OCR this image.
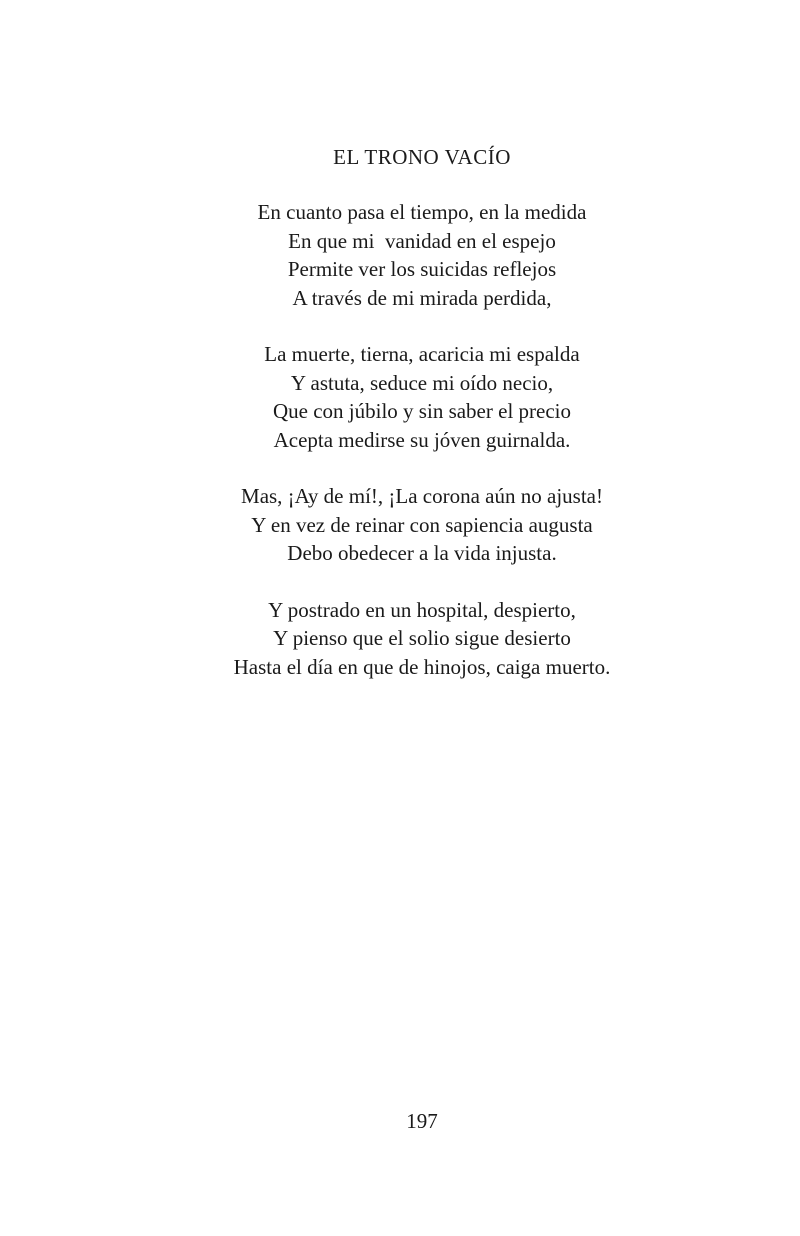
EL TRONO VACÍO
En cuanto pasa el tiempo, en la medida
En que mi  vanidad en el espejo
Permite ver los suicidas reflejos
A través de mi mirada perdida,
La muerte, tierna, acaricia mi espalda
Y astuta, seduce mi oído necio,
Que con júbilo y sin saber el precio
Acepta medirse su jóven guirnalda.
Mas, ¡Ay de mí!, ¡La corona aún no ajusta!
Y en vez de reinar con sapiencia augusta
Debo obedecer a la vida injusta.
Y postrado en un hospital, despierto,
Y pienso que el solio sigue desierto
Hasta el día en que de hinojos, caiga muerto.
197
